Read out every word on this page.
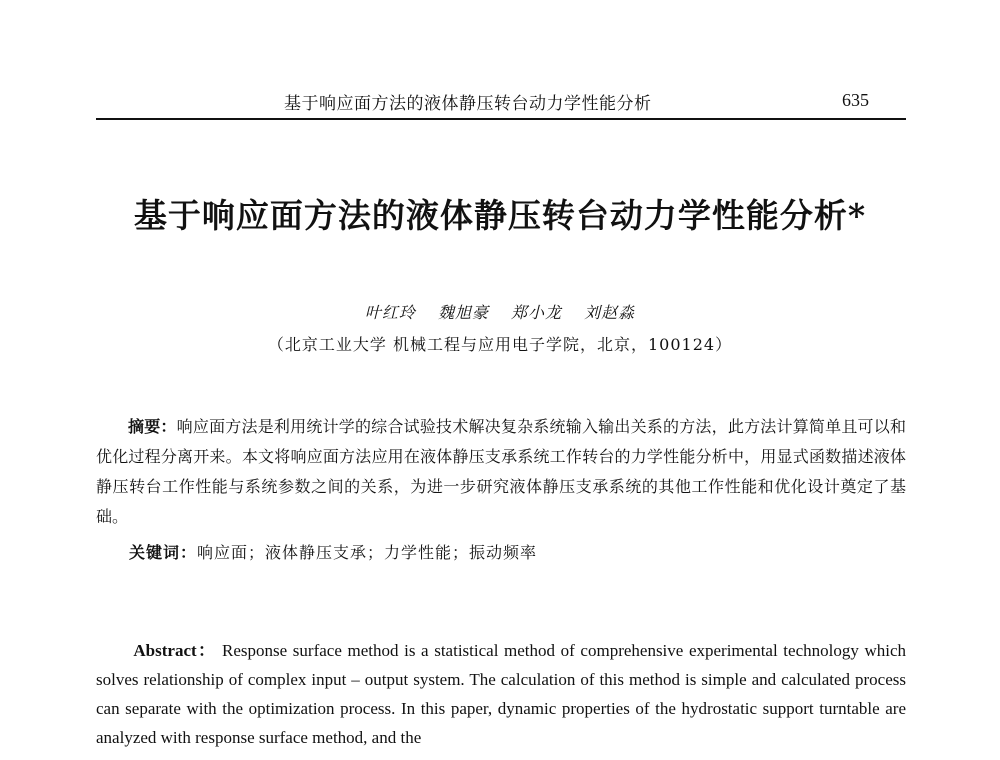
基于响应面方法的液体静压转台动力学性能分析	635
基于响应面方法的液体静压转台动力学性能分析*
叶红玲 魏旭豪 郑小龙 刘赵淼
（北京工业大学 机械工程与应用电子学院，北京，100124）

摘要：响应面方法是利用统计学的综合试验技术解决复杂系统输入输出关系的方法，此方法计算简单且可以和优化过程分离开来。本文将响应面方法应用在液体静压支承系统工作转台的力学性能分析中，用显式函数描述液体静压转台工作性能与系统参数之间的关系，为进一步研究液体静压支承系统的其他工作性能和优化设计奠定了基础。

关键词：响应面；液体静压支承；力学性能；振动频率

Abstract： Response surface method is a statistical method of comprehensive experimental technology which solves relationship of complex input – output system. The calculation of this method is simple and calculated process can separate with the optimization process. In this paper, dynamic properties of the hydrostatic support turntable are analyzed with response surface method, and the
